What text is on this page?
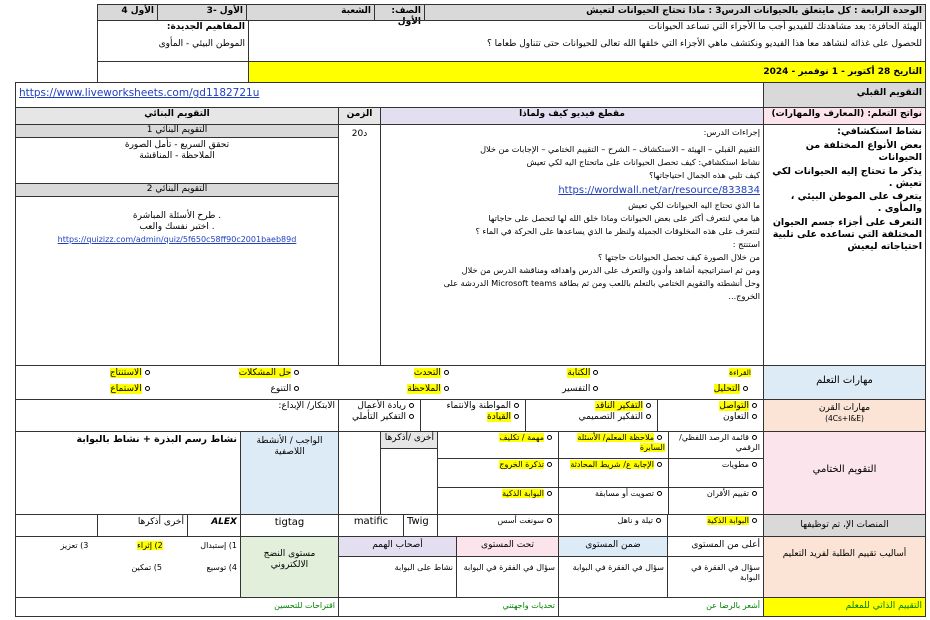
الوحدة الرابعة : كل مايتعلق بالحيوانات الدرس3 : ماذا تحتاج الحيوانات لتعيش
الصف: الأول
الشعبة
الأول -3
الأول 4
الهيئة الحافزة: بعد مشاهدتك للفيديو أجب ما الأجزاء التي تساعد الحيوانات
للحصول على غذائه لنشاهد معا هذا الفيديو ونكتشف ماهي الأجزاء التي خلقها الله تعالى للحيوانات حتى تتناول طعاما ؟
المفاهيم الجديدة:
الموطن البيئي - المأوى
التاريخ 28 أكتوبر - 1 نوفمبر - 2024
https://www.liveworksheets.com/gd1182721u	التقويم القبلي
نواتج التعلم: (المعارف والمهارات)
مقطع فيديو كيف ولماذا
الزمن
التقويم البنائي
نشاط استكشافي:
بعض الأنواع المختلفة من الحيوانات
يذكر ما تحتاج إليه الحيوانات لكي تعيش .
يتعرف على الموطن البيئي ، والمأوى .
التعرف على أجزاء جسم الحيوان المختلفة التي تساعده على تلبية احتياجاته ليعيش
إجراءات الدرس:
التقييم القبلي – الهيئة – الاستكشاف – الشرح – التقييم الختامي – الإجابات من خلال
نشاط استكشافي: كيف تحصل الحيوانات على ماتحتاج اليه لكي تعيش
كيف تلبي هذه الجمال احتياجاتها؟
https://wordwall.net/ar/resource/833834
ما الذي تحتاج اليه الحيوانات لكي تعيش
هيا معي لنتعرف أكثر على بعض الحيوانات وماذا خلق الله لها لتحصل على حاجاتها
لنتعرف على هذه المخلوقات الجميلة ولنظر ما الذي يساعدها على الحركة في الماء ؟
استنتج :
من خلال الصورة كيف تحصل الحيوانات حاجتها ؟
ومن ثم استراتيجية أشاهد وأدون والتعرف على الدرس واهدافه ومناقشة الدرس من خلال
وحل أنشطته والتقويم الختامي بالتعلم باللعب ومن ثم بطاقة Microsoft teams الدردشة على
الخروج...
20د
التقويم البنائي 1
تحقق السريع - تأمل الصورة
الملاحظة - المناقشة
التقويم البنائي 2
طرح الأسئلة المباشرة .
اختبر نفسك والعب .
https://quizizz.com/admin/quiz/5f650c58ff90c2001baeb89d
مهارات التعلم
القراءة
الكتابة
التحدث
حل المشكلات
الاستنتاج
التحليل
التفسير
الملاحظة
التنوع
الاستماع
مهارات القرن
(4Cs+I&E)
التواصل
التعاون
التفكير الناقد
التفكير التصميمي
المواطنة والانتماء
القيادة
ريادة الأعمال
التفكير التأملي
الابتكار/ الإبداع:
التقويم الختامي
قائمة الرصد اللفظي/الرقمي
ملاحظة المعلم/ الأسئلة السابرة
مهمة / تكليف
مطويات
الإجابة ع/ شريط المحادثة
تذكرة الخروج
تقييم الأقران
تصويت أو مسابقة
البوابة الذكية
أخرى /أذكرها
الواجب / الأنشطة اللاصفية
نشاط رسم البذرة + نشاط بالبوابة
المنصات الإ، تم توظيفها
البوابة الذكية
تيلة و ناهل
سونغت أسس
Twig
matific
tigtag
ALEX
أخرى أذكرها
أساليب تقييم الطلبة لفريد التعليم
أعلى من المستوى
ضمن المستوى
تحت المستوى
أصحاب الهمم
سؤال في الفقرة في البوابة
سؤال في الفقرة في البوابة
سؤال في الفقرة في البوابة
نشاط على البوابة
مستوى النضج الالكتروني
1) إستبدال
2) إثراء
3) تعزيز
4) توسيع
5) تمكين
التقييم الذاتي للمعلم
أشعر بالرضا عن
تحديات واجهتني
اقتراحات للتحسين
